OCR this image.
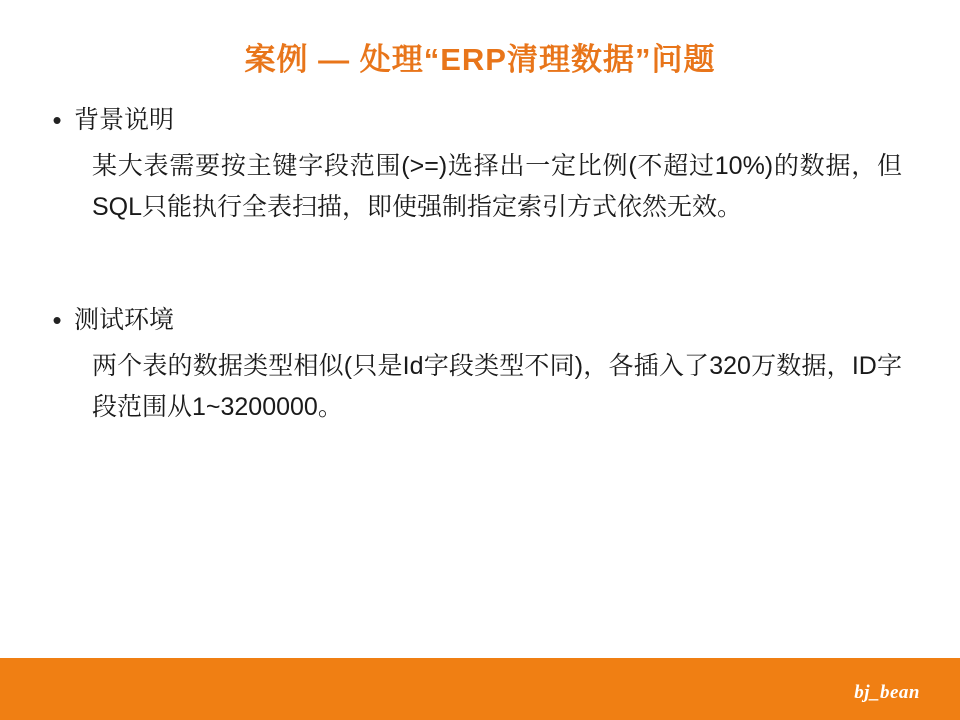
案例 — 处理“ERP清理数据”问题
• 背景说明
某大表需要按主键字段范围(>=)选择出一定比例(不超过10%)的数据，但SQL只能执行全表扫描，即使强制指定索引方式依然无效。
• 测试环境
两个表的数据类型相似(只是Id字段类型不同)，各插入了320万数据，ID字段范围从1~3200000。
bj_bean
